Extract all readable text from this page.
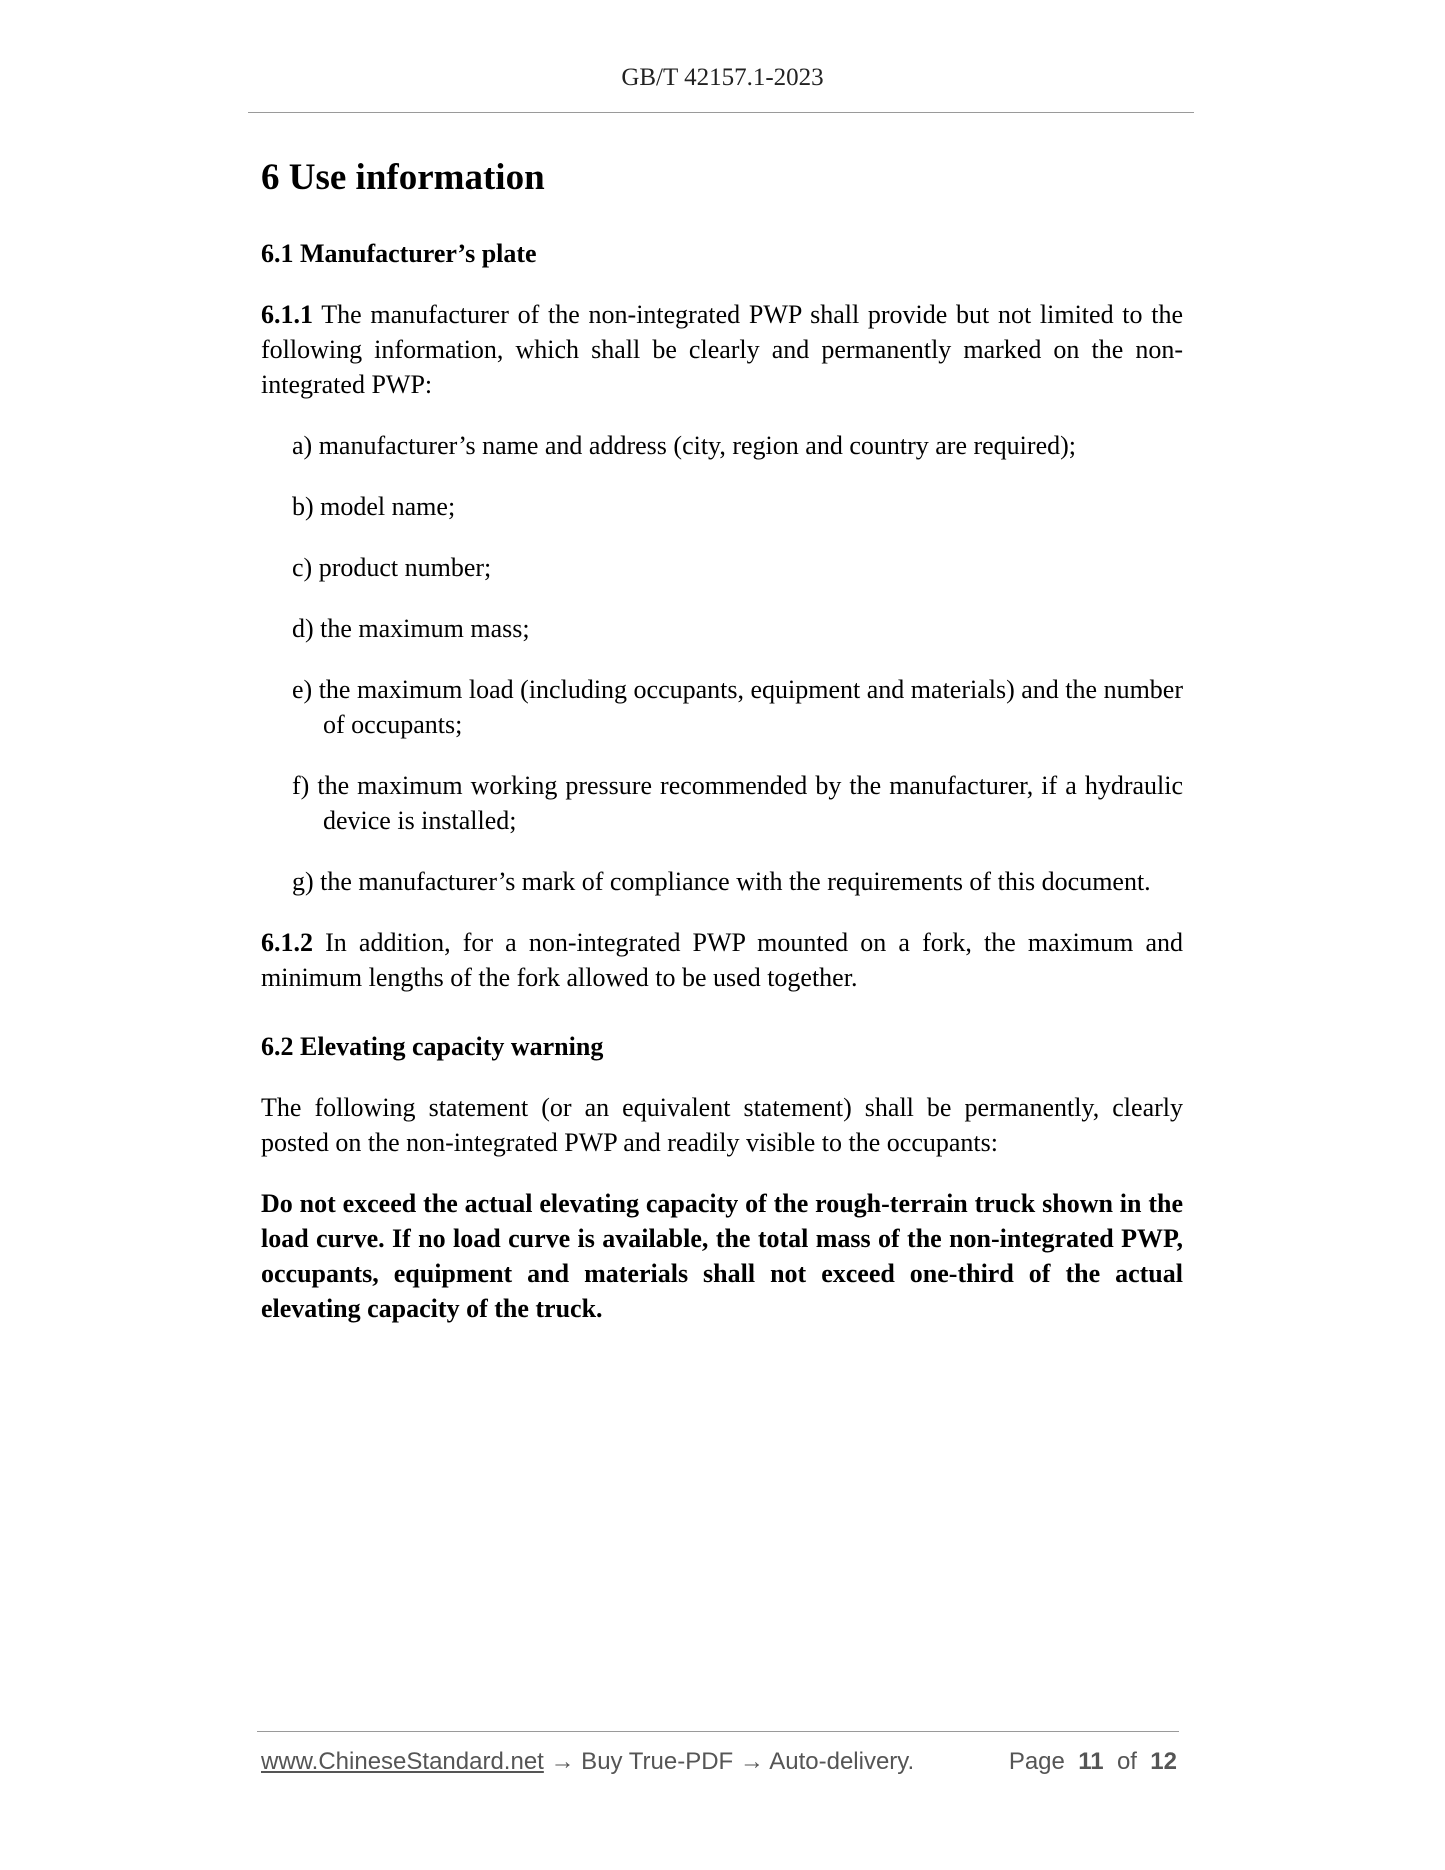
GB/T 42157.1-2023
6 Use information
6.1 Manufacturer’s plate

6.1.1 The manufacturer of the non-integrated PWP shall provide but not limited to the following information, which shall be clearly and permanently marked on the non-integrated PWP:

a) manufacturer’s name and address (city, region and country are required);
b) model name;
c) product number;
d) the maximum mass;
e) the maximum load (including occupants, equipment and materials) and the number of occupants;
f) the maximum working pressure recommended by the manufacturer, if a hydraulic device is installed;
g) the manufacturer’s mark of compliance with the requirements of this document.

6.1.2 In addition, for a non-integrated PWP mounted on a fork, the maximum and minimum lengths of the fork allowed to be used together.

6.2 Elevating capacity warning

The following statement (or an equivalent statement) shall be permanently, clearly posted on the non-integrated PWP and readily visible to the occupants:

Do not exceed the actual elevating capacity of the rough-terrain truck shown in the load curve. If no load curve is available, the total mass of the non-integrated PWP, occupants, equipment and materials shall not exceed one-third of the actual elevating capacity of the truck.

www.ChineseStandard.net → Buy True-PDF → Auto-delivery.	Page 11 of 12
